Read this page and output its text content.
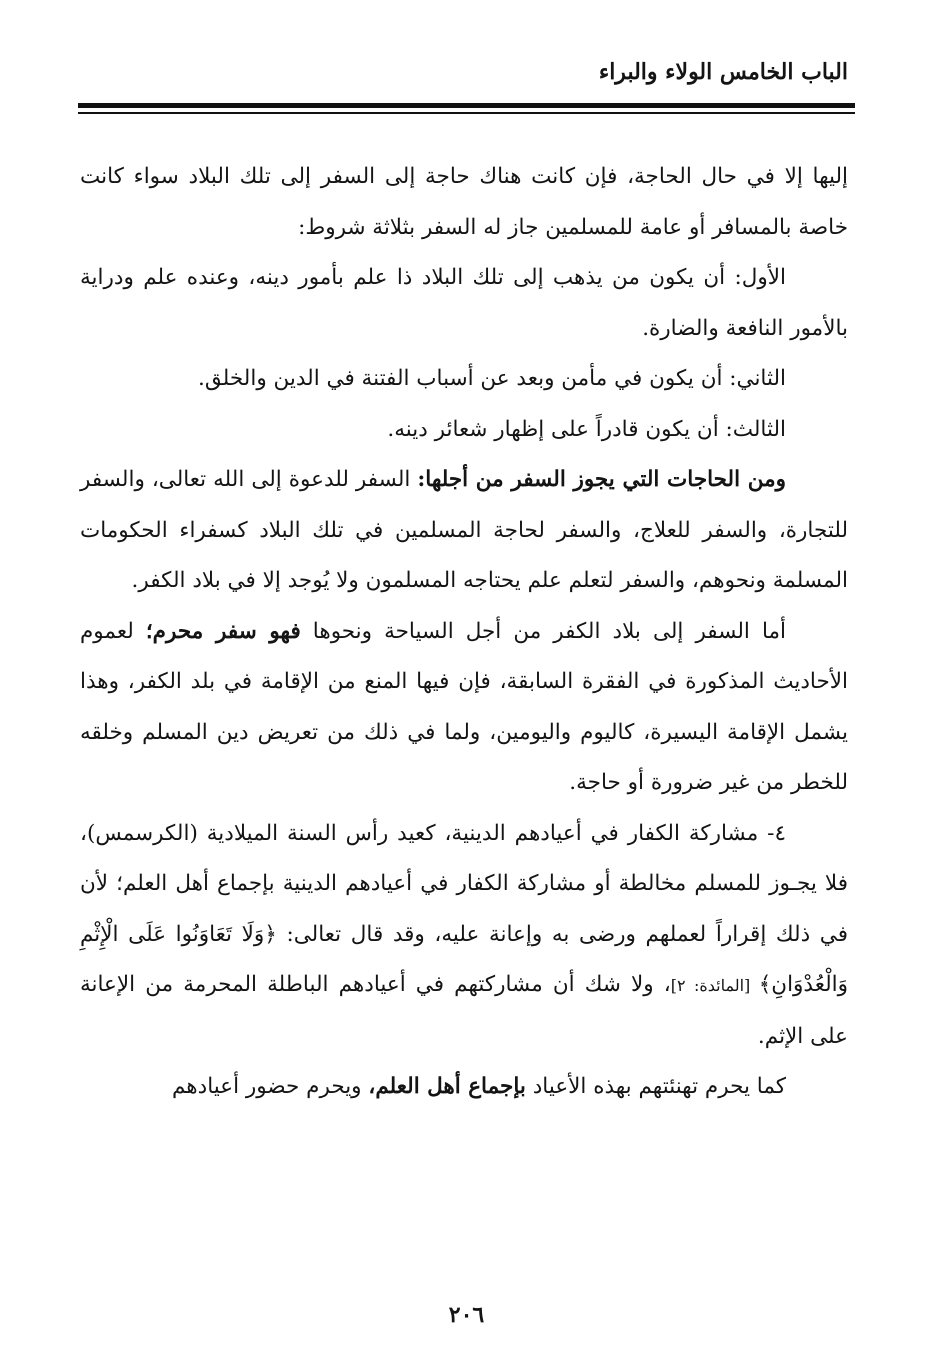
الباب الخامس الولاء والبراء

إليها إلا في حال الحاجة، فإن كانت هناك حاجة إلى السفر إلى تلك البلاد سواء كانت خاصة بالمسافر أو عامة للمسلمين جاز له السفر بثلاثة شروط:

الأول: أن يكون من يذهب إلى تلك البلاد ذا علم بأمور دينه، وعنده علم ودراية بالأمور النافعة والضارة.

الثاني: أن يكون في مأمن وبعد عن أسباب الفتنة في الدين والخلق.

الثالث: أن يكون قادراً على إظهار شعائر دينه.

ومن الحاجات التي يجوز السفر من أجلها: السفر للدعوة إلى الله تعالى، والسفر للتجارة، والسفر للعلاج، والسفر لحاجة المسلمين في تلك البلاد كسفراء الحكومات المسلمة ونحوهم، والسفر لتعلم علم يحتاجه المسلمون ولا يُوجد إلا في بلاد الكفر.

أما السفر إلى بلاد الكفر من أجل السياحة ونحوها فهو سفر محرم؛ لعموم الأحاديث المذكورة في الفقرة السابقة، فإن فيها المنع من الإقامة في بلد الكفر، وهذا يشمل الإقامة اليسيرة، كاليوم واليومين، ولما في ذلك من تعريض دين المسلم وخلقه للخطر من غير ضرورة أو حاجة.

٤- مشاركة الكفار في أعيادهم الدينية، كعيد رأس السنة الميلادية (الكرسمس)، فلا يجـوز للمسلم مخالطة أو مشاركة الكفار في أعيادهم الدينية بإجماع أهل العلم؛ لأن في ذلك إقراراً لعملهم ورضى به وإعانة عليه، وقد قال تعالى: ﴿وَلَا تَعَاوَنُوا عَلَى الْإِثْمِ وَالْعُدْوَانِ﴾ [المائدة: ٢]، ولا شك أن مشاركتهم في أعيادهم الباطلة المحرمة من الإعانة على الإثم.

كما يحرم تهنئتهم بهذه الأعياد بإجماع أهل العلم، ويحرم حضور أعيادهم

٢٠٦
